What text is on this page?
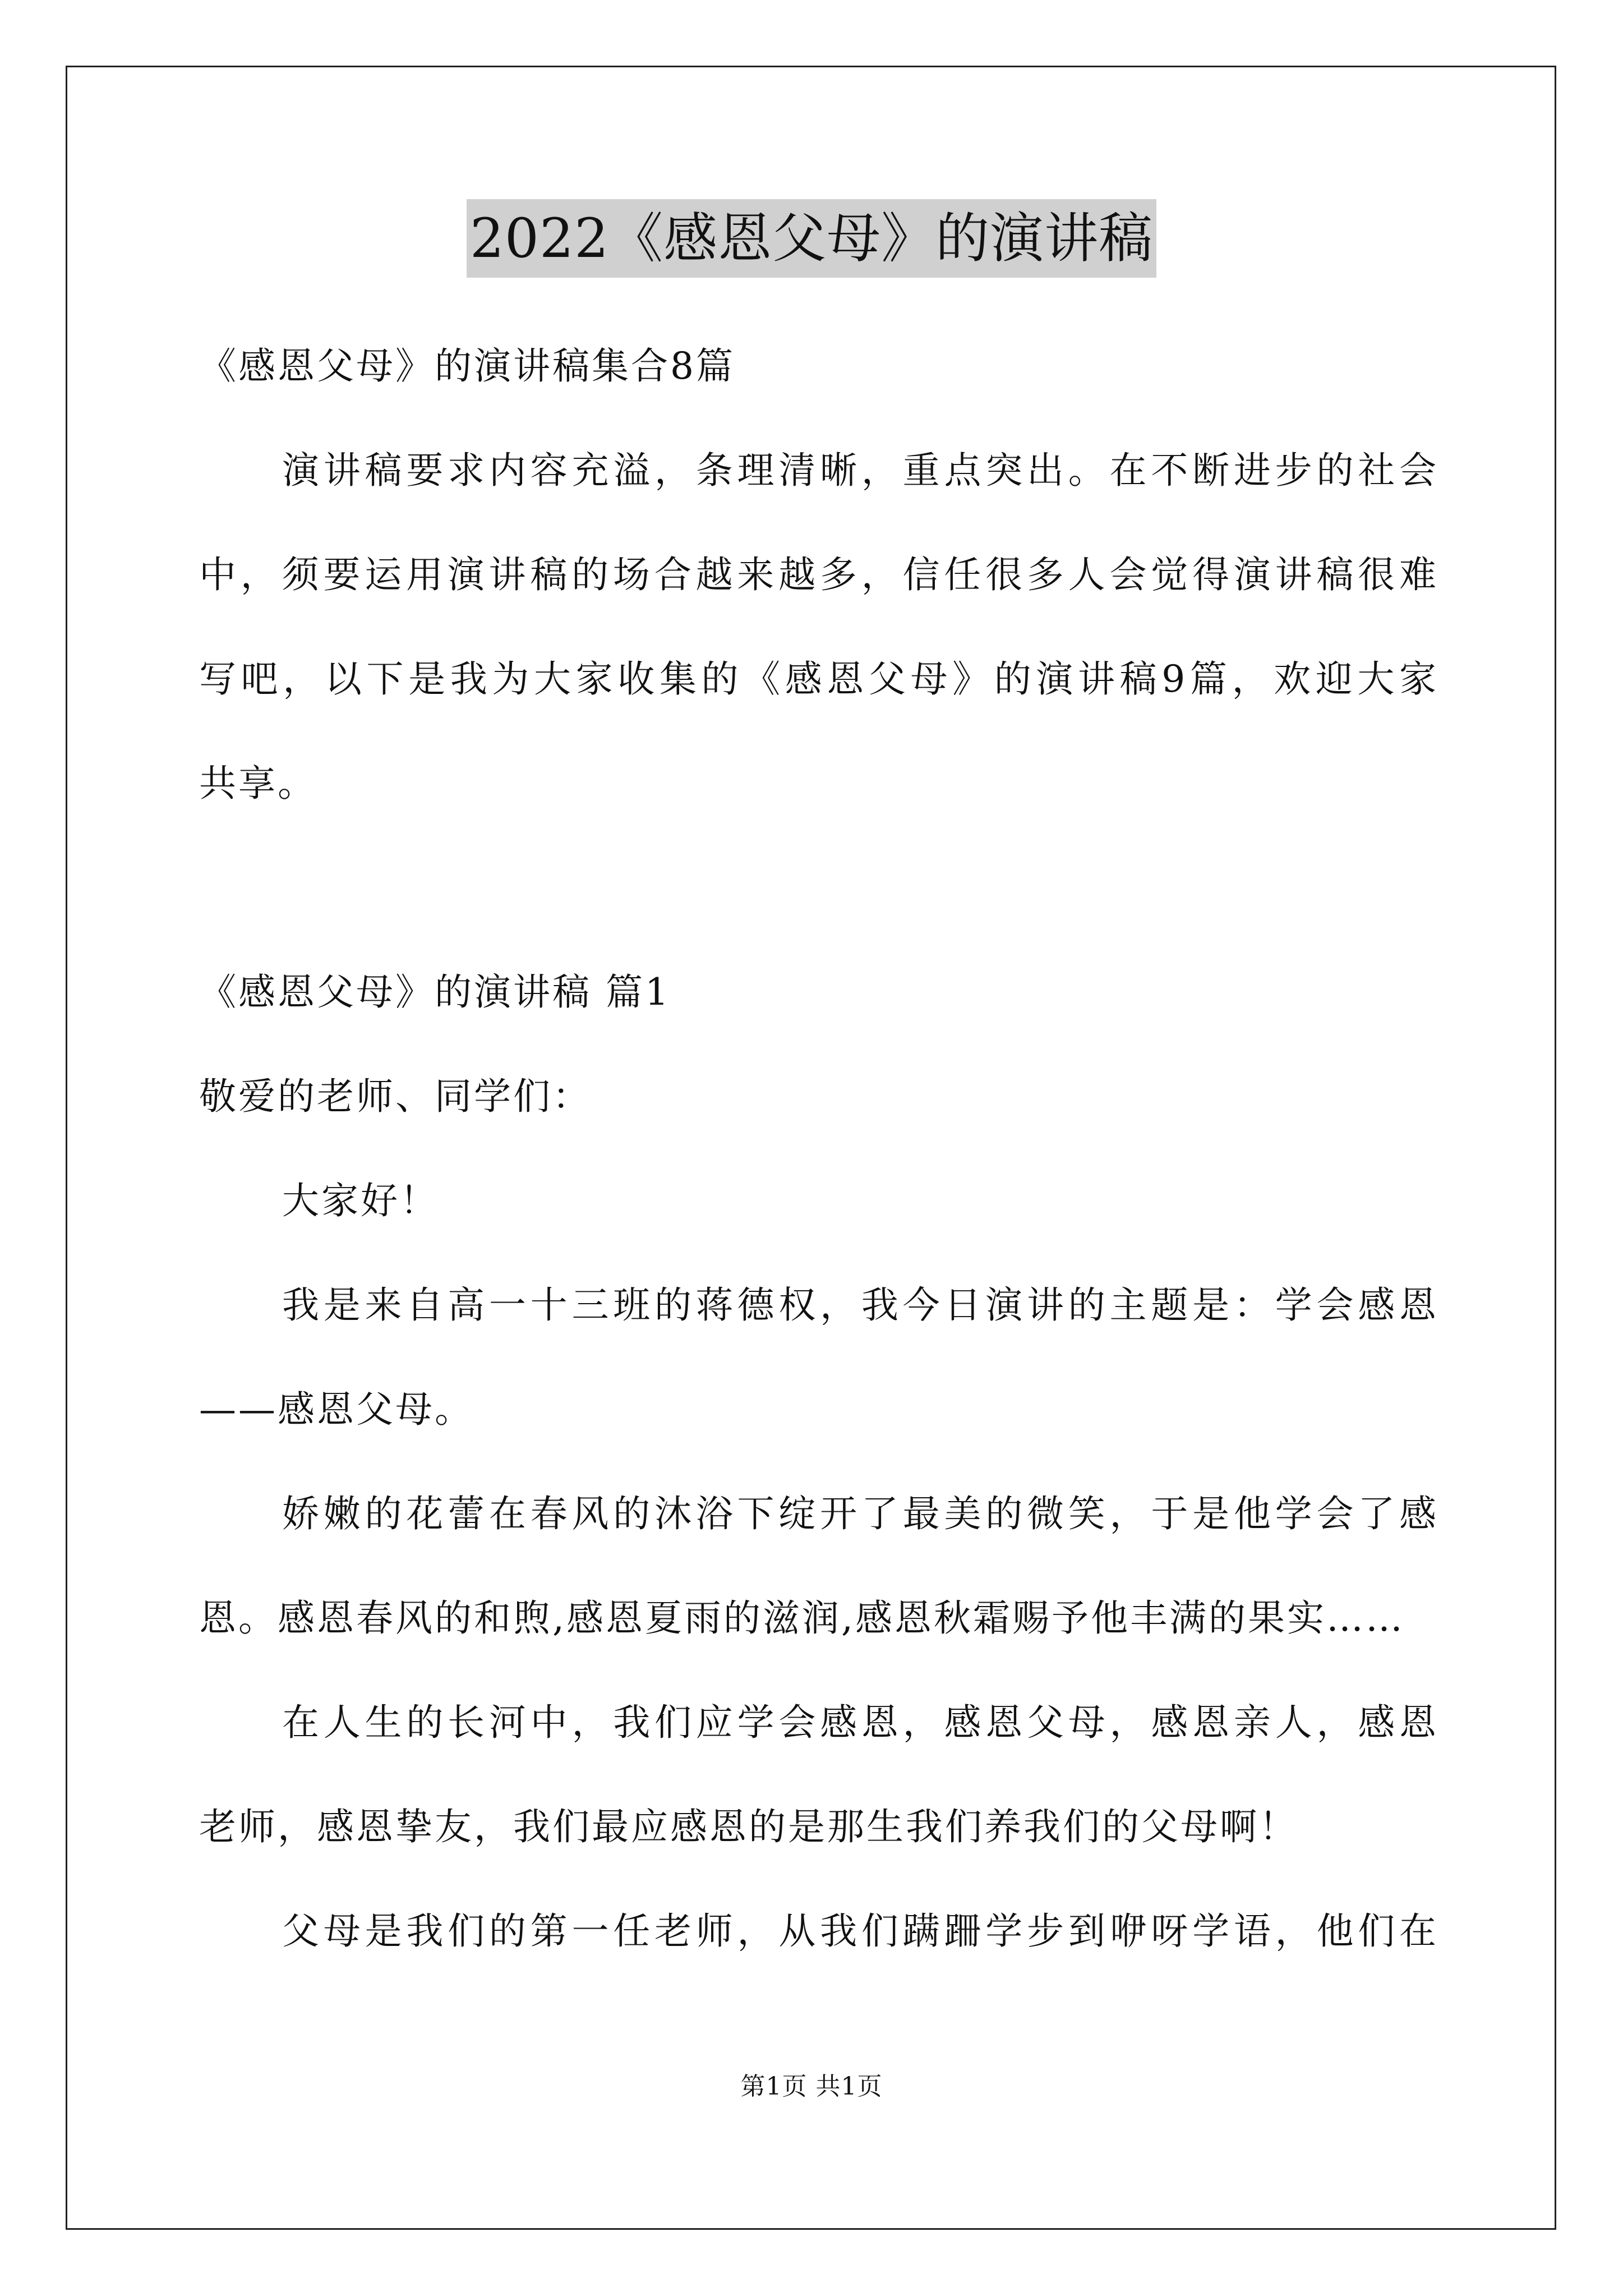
2022《感恩父母》的演讲稿
《感恩父母》的演讲稿集合8篇
演讲稿要求内容充溢，条理清晰，重点突出。在不断进步的社会
中，须要运用演讲稿的场合越来越多，信任很多人会觉得演讲稿很难
写吧，以下是我为大家收集的《感恩父母》的演讲稿9篇，欢迎大家
共享。
《感恩父母》的演讲稿 篇1
敬爱的老师、同学们：
大家好！
我是来自高一十三班的蒋德权，我今日演讲的主题是：学会感恩
——感恩父母。
娇嫩的花蕾在春风的沐浴下绽开了最美的微笑，于是他学会了感
恩。感恩春风的和煦,感恩夏雨的滋润,感恩秋霜赐予他丰满的果实……
在人生的长河中，我们应学会感恩，感恩父母，感恩亲人，感恩
老师，感恩挚友，我们最应感恩的是那生我们养我们的父母啊！
父母是我们的第一任老师，从我们蹒跚学步到咿呀学语，他们在
第1页 共1页
